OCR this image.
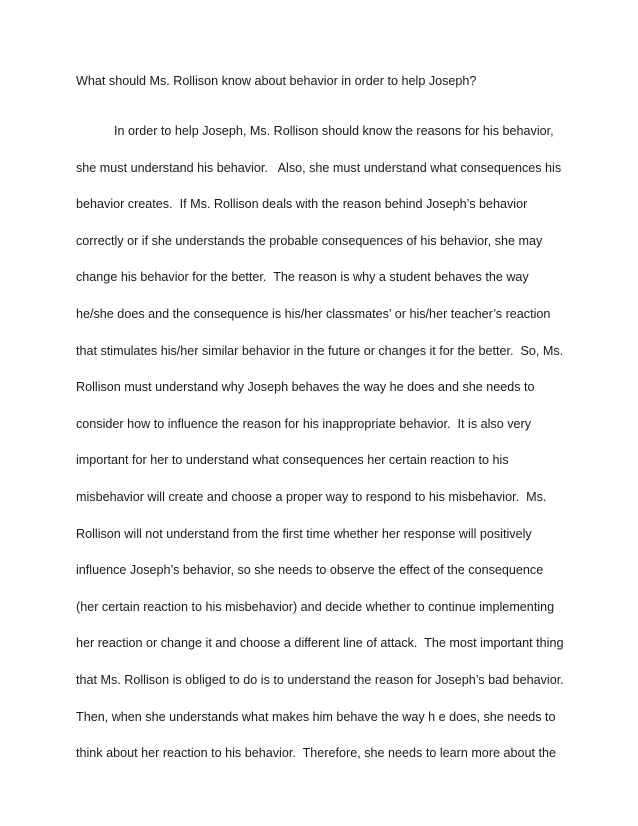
What should Ms. Rollison know about behavior in order to help Joseph?

In order to help Joseph, Ms. Rollison should know the reasons for his behavior,
she must understand his behavior.   Also, she must understand what consequences his
behavior creates.  If Ms. Rollison deals with the reason behind Joseph’s behavior
correctly or if she understands the probable consequences of his behavior, she may
change his behavior for the better.  The reason is why a student behaves the way
he/she does and the consequence is his/her classmates’ or his/her teacher’s reaction
that stimulates his/her similar behavior in the future or changes it for the better.  So, Ms.
Rollison must understand why Joseph behaves the way he does and she needs to
consider how to influence the reason for his inappropriate behavior.  It is also very
important for her to understand what consequences her certain reaction to his
misbehavior will create and choose a proper way to respond to his misbehavior.  Ms.
Rollison will not understand from the first time whether her response will positively
influence Joseph’s behavior, so she needs to observe the effect of the consequence
(her certain reaction to his misbehavior) and decide whether to continue implementing
her reaction or change it and choose a different line of attack.  The most important thing
that Ms. Rollison is obliged to do is to understand the reason for Joseph’s bad behavior.
Then, when she understands what makes him behave the way h e does, she needs to
think about her reaction to his behavior.  Therefore, she needs to learn more about the
